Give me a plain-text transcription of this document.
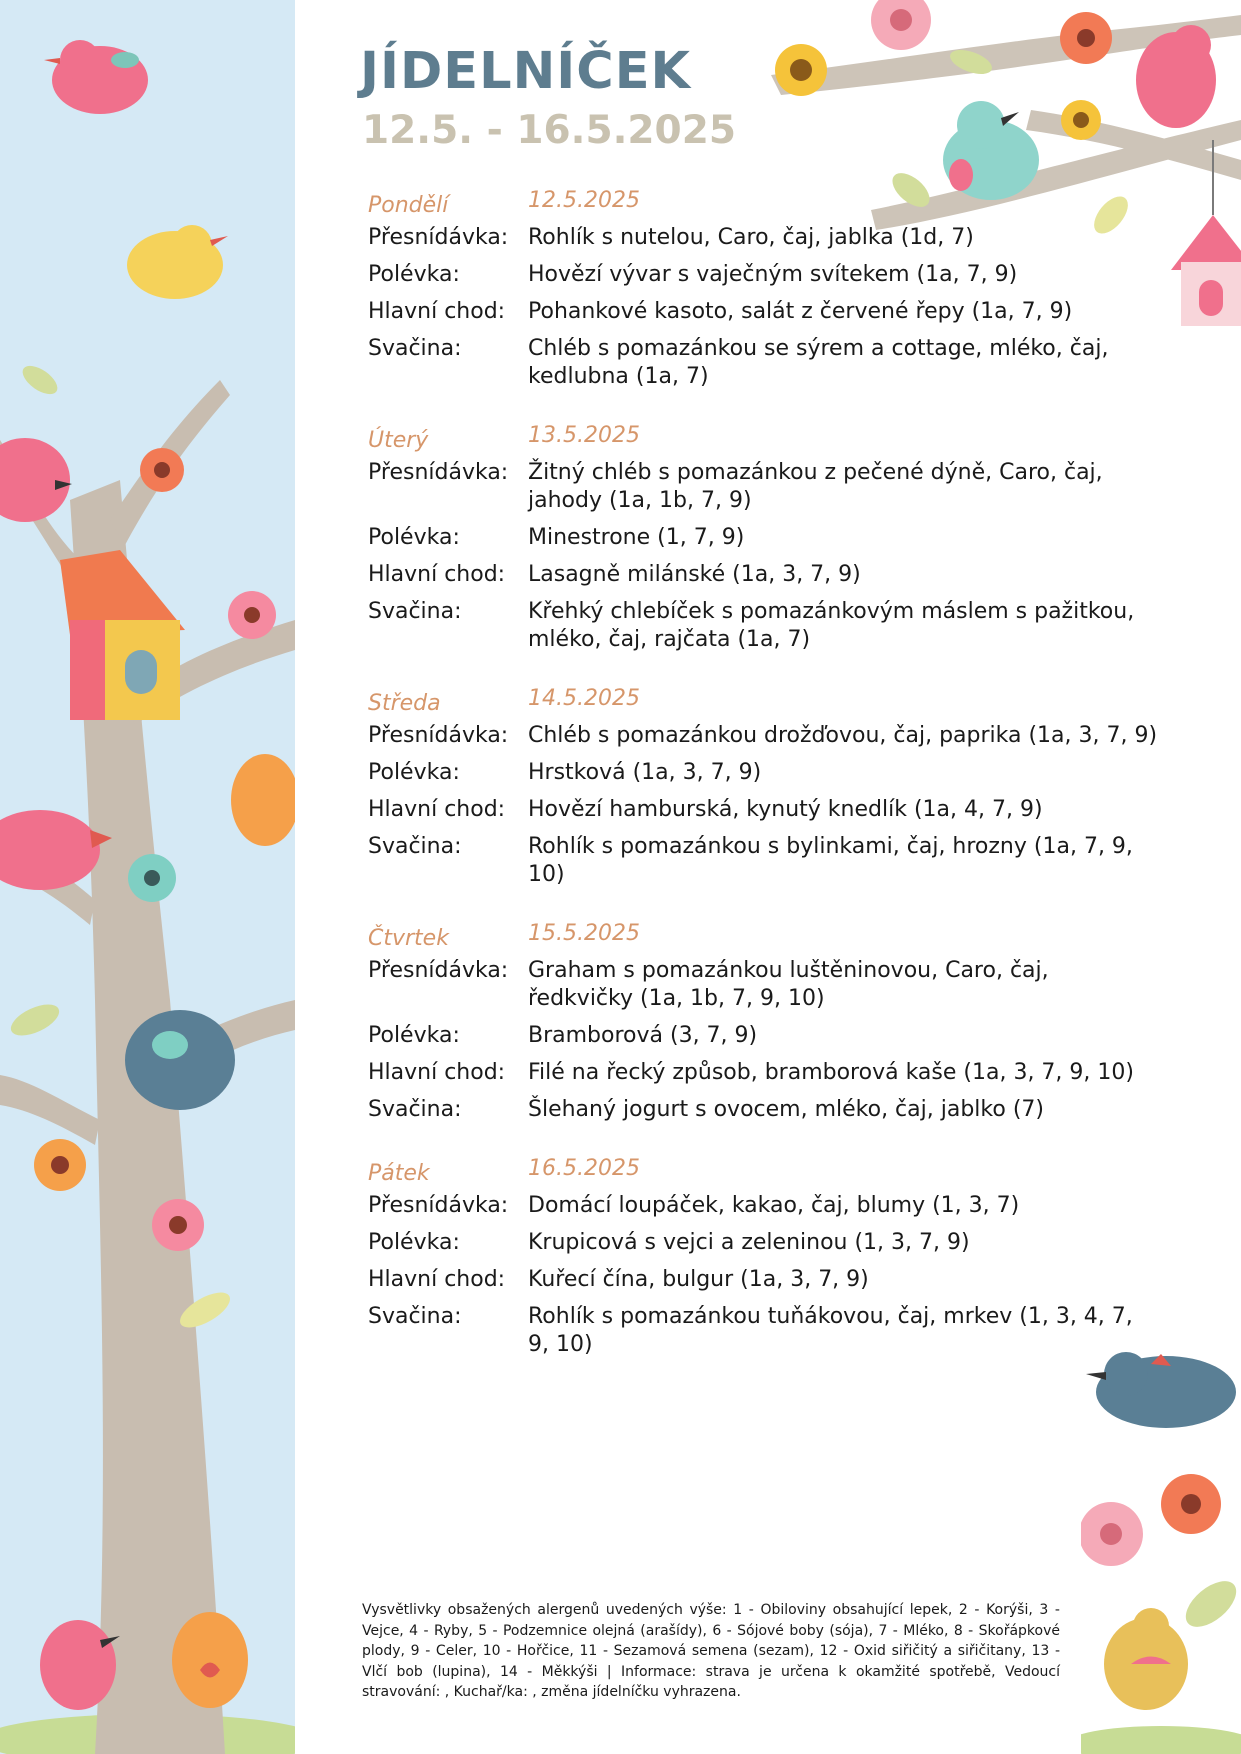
JÍDELNÍČEK
12.5. - 16.5.2025
Pondělí	12.5.2025
Přesnídávka: Rohlík s nutelou, Caro, čaj, jablka (1d, 7)
Polévka:	Hovězí vývar s vaječným svítekem (1a, 7, 9)
Hlavní chod:	Pohankové kasoto, salát z červené řepy (1a, 7, 9)
Svačina:	Chléb s pomazánkou se sýrem a cottage, mléko, čaj, kedlubna (1a, 7)
Úterý	13.5.2025
Přesnídávka: Žitný chléb s pomazánkou z pečené dýně, Caro, čaj, jahody (1a, 1b, 7, 9)
Polévka:	Minestrone (1, 7, 9)
Hlavní chod:	Lasagně milánské (1a, 3, 7, 9)
Svačina:	Křehký chlebíček s pomazánkovým máslem s pažitkou, mléko, čaj, rajčata (1a, 7)
Středa	14.5.2025
Přesnídávka: Chléb s pomazánkou drožďovou, čaj, paprika (1a, 3, 7, 9)
Polévka:	Hrstková (1a, 3, 7, 9)
Hlavní chod:	Hovězí hamburská, kynutý knedlík (1a, 4, 7, 9)
Svačina:	Rohlík s pomazánkou s bylinkami, čaj, hrozny (1a, 7, 9, 10)
Čtvrtek	15.5.2025
Přesnídávka: Graham s pomazánkou luštěninovou, Caro, čaj, ředkvičky (1a, 1b, 7, 9, 10)
Polévka:	Bramborová (3, 7, 9)
Hlavní chod:	Filé na řecký způsob, bramborová kaše (1a, 3, 7, 9, 10)
Svačina:	Šlehaný jogurt s ovocem, mléko, čaj, jablko (7)
Pátek	16.5.2025
Přesnídávka: Domácí loupáček, kakao, čaj, blumy (1, 3, 7)
Polévka:	Krupicová s vejci a zeleninou (1, 3, 7, 9)
Hlavní chod:	Kuřecí čína, bulgur (1a, 3, 7, 9)
Svačina:	Rohlík s pomazánkou tuňákovou, čaj, mrkev (1, 3, 4, 7, 9, 10)

Vysvětlivky obsažených alergenů uvedených výše: 1 - Obiloviny obsahující lepek, 2 - Korýši, 3 - Vejce, 4 - Ryby, 5 - Podzemnice olejná (arašídy), 6 - Sójové boby (sója), 7 - Mléko, 8 - Skořápkové plody, 9 - Celer, 10 - Hořčice, 11 - Sezamová semena (sezam), 12 - Oxid siřičitý a siřičitany, 13 - Vlčí bob (lupina), 14 - Měkkýši | Informace: strava je určena k okamžité spotřebě, Vedoucí stravování: , Kuchař/ka: , změna jídelníčku vyhrazena.
